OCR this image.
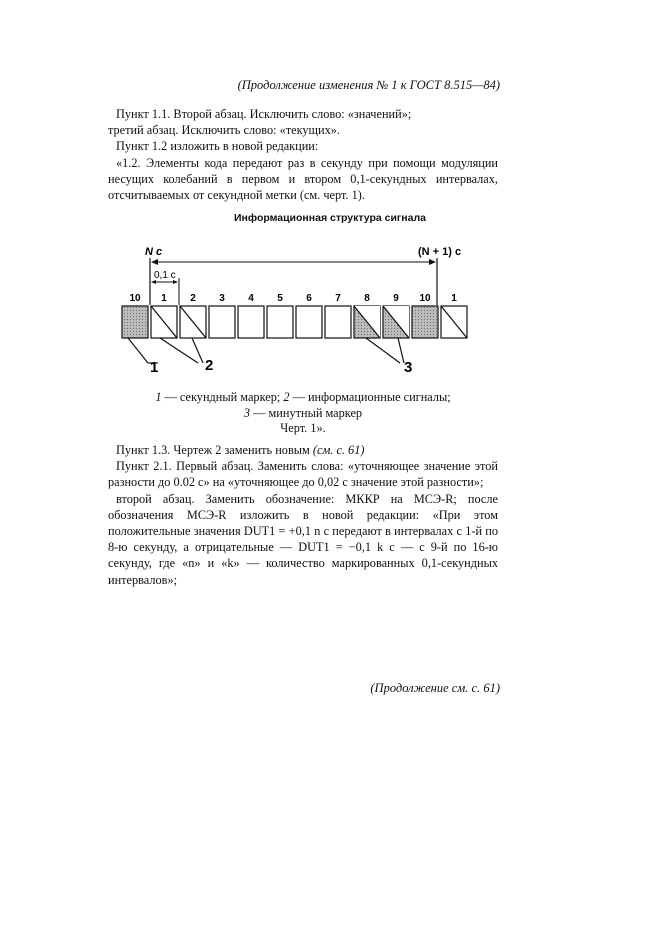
(Продолжение изменения № 1 к ГОСТ 8.515—84)

Пункт 1.1. Второй абзац. Исключить слово: «значений»;

третий абзац. Исключить слово: «текущих».

Пункт 1.2 изложить в новой редакции:

«1.2. Элементы кода передают раз в секунду при помощи модуляции несущих колебаний в первом и втором 0,1-секундных интервалах, отсчитываемых от секундной метки (см. черт. 1).

Информационная структура сигнала
N c	(N + 1) c
0,1 с
10 1 2 3 4 5 6 7 8 9 10 1
1	2	3
1 — секундный маркер; 2 — информационные сигналы;
3 — минутный маркер
Черт. 1».

Пункт 1.3. Чертеж 2 заменить новым (см. с. 61)

Пункт 2.1. Первый абзац. Заменить слова: «уточняющее значение этой разности до 0.02 с» на «уточняющее до 0,02 с значение этой разности»;

второй абзац. Заменить обозначение: МККР на МСЭ-R; после обозначения МСЭ-R изложить в новой редакции: «При этом положительные значения DUT1 = +0,1 n с передают в интервалах с 1-й по 8-ю секунду, а отрицательные — DUT1 = −0,1 k с — с 9-й по 16-ю секунду, где «n» и «k» — количество маркированных 0,1-секундных интервалов»;

(Продолжение см. с. 61)
